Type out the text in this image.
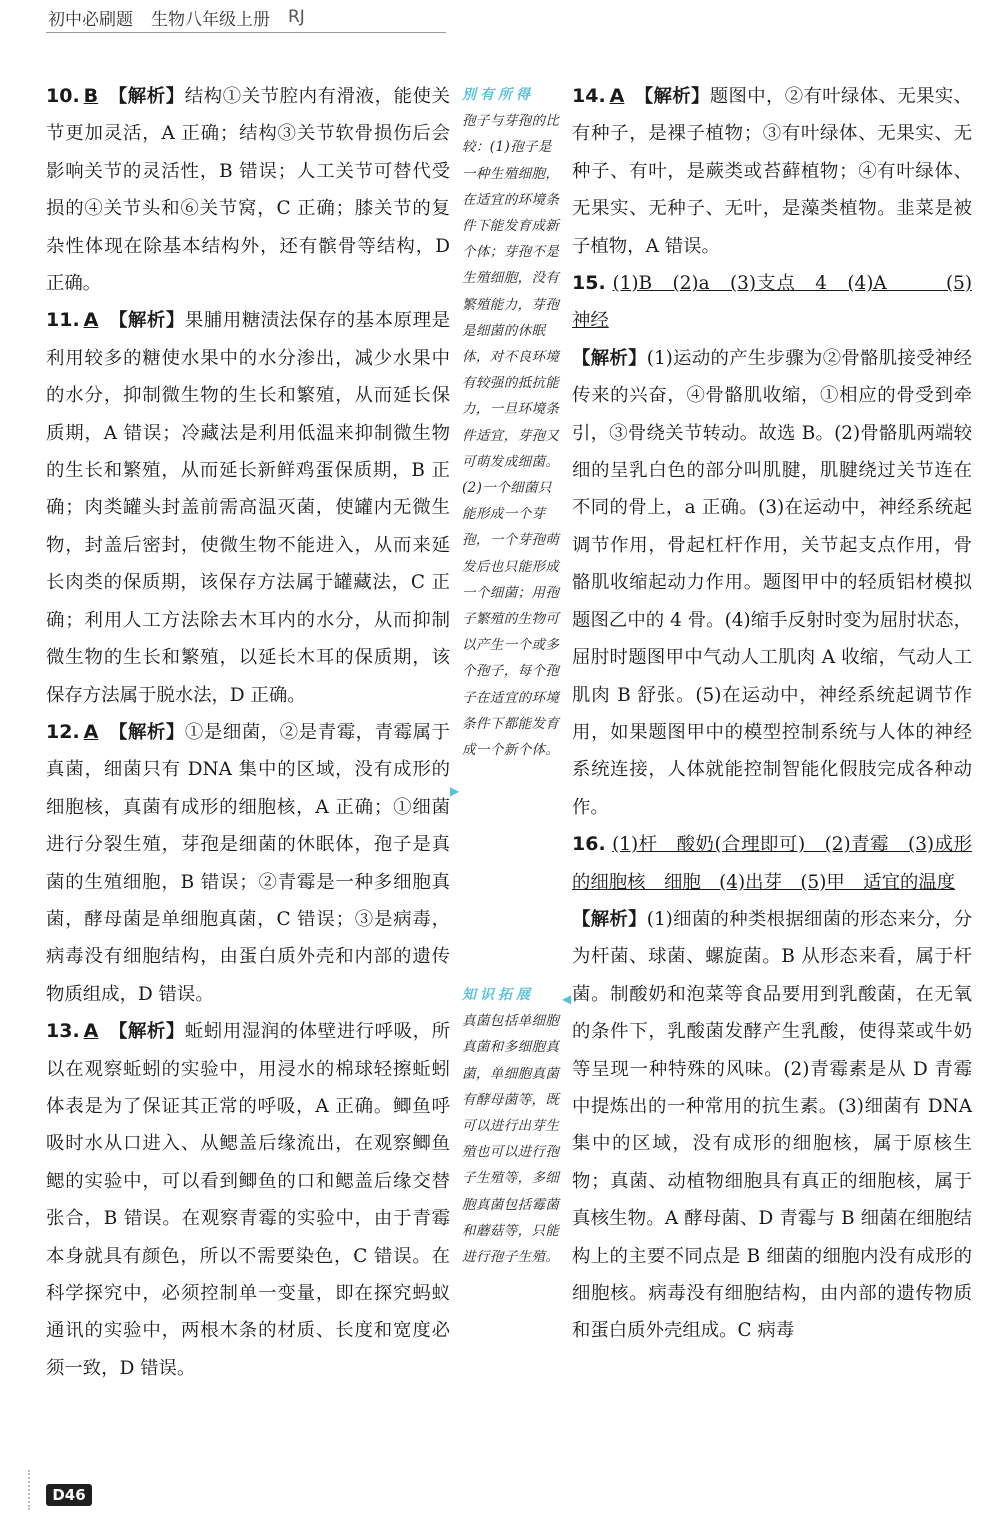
初中必刷题 生物八年级上册 RJ

10. B 【解析】结构①关节腔内有滑液，能使关节更加灵活，A 正确；结构③关节软骨损伤后会影响关节的灵活性，B 错误；人工关节可替代受损的④关节头和⑥关节窝，C 正确；膝关节的复杂性体现在除基本结构外，还有髌骨等结构，D 正确。

11. A 【解析】果脯用糖渍法保存的基本原理是利用较多的糖使水果中的水分渗出，减少水果中的水分，抑制微生物的生长和繁殖，从而延长保质期，A 错误；冷藏法是利用低温来抑制微生物的生长和繁殖，从而延长新鲜鸡蛋保质期，B 正确；肉类罐头封盖前需高温灭菌，使罐内无微生物，封盖后密封，使微生物不能进入，从而来延长肉类的保质期，该保存方法属于罐藏法，C 正确；利用人工方法除去木耳内的水分，从而抑制微生物的生长和繁殖，以延长木耳的保质期，该保存方法属于脱水法，D 正确。

12. A 【解析】①是细菌，②是青霉，青霉属于真菌，细菌只有 DNA 集中的区域，没有成形的细胞核，真菌有成形的细胞核，A 正确；①细菌进行分裂生殖，芽孢是细菌的休眠体，孢子是真菌的生殖细胞，B 错误；②青霉是一种多细胞真菌，酵母菌是单细胞真菌，C 错误；③是病毒，病毒没有细胞结构，由蛋白质外壳和内部的遗传物质组成，D 错误。

13. A 【解析】蚯蚓用湿润的体壁进行呼吸，所以在观察蚯蚓的实验中，用浸水的棉球轻擦蚯蚓体表是为了保证其正常的呼吸，A 正确。鲫鱼呼吸时水从口进入、从鳃盖后缘流出，在观察鲫鱼鳃的实验中，可以看到鲫鱼的口和鳃盖后缘交替张合，B 错误。在观察青霉的实验中，由于青霉本身就具有颜色，所以不需要染色，C 错误。在科学探究中，必须控制单一变量，即在探究蚂蚁通讯的实验中，两根木条的材质、长度和宽度必须一致，D 错误。

別有所得
孢子与芽孢的比较：(1)孢子是一种生殖细胞，在适宜的环境条件下能发育成新个体；芽孢不是生殖细胞，没有繁殖能力，芽孢是细菌的休眠体，对不良环境有较强的抵抗能力，一旦环境条件适宜，芽孢又可萌发成细菌。(2)一个细菌只能形成一个芽孢，一个芽孢萌发后也只能形成一个细菌；用孢子繁殖的生物可以产生一个或多个孢子，每个孢子在适宜的环境条件下都能发育成一个新个体。
▶
知识拓展
真菌包括单细胞真菌和多细胞真菌，单细胞真菌有酵母菌等，既可以进行出芽生殖也可以进行孢子生殖等，多细胞真菌包括霉菌和蘑菇等，只能进行孢子生殖。
◀

14. A 【解析】题图中，②有叶绿体、无果实、有种子，是裸子植物；③有叶绿体、无果实、无种子、有叶，是蕨类或苔藓植物；④有叶绿体、无果实、无种子、无叶，是藻类植物。韭菜是被子植物，A 错误。

15. (1)B　(2)a　(3)支点　4　(4)A　　　(5)神经
【解析】(1)运动的产生步骤为②骨骼肌接受神经传来的兴奋，④骨骼肌收缩，①相应的骨受到牵引，③骨绕关节转动。故选 B。(2)骨骼肌两端较细的呈乳白色的部分叫肌腱，肌腱绕过关节连在不同的骨上，a 正确。(3)在运动中，神经系统起调节作用，骨起杠杆作用，关节起支点作用，骨骼肌收缩起动力作用。题图甲中的轻质铝材模拟题图乙中的 4 骨。(4)缩手反射时变为屈肘状态，屈肘时题图甲中气动人工肌肉 A 收缩，气动人工肌肉 B 舒张。(5)在运动中，神经系统起调节作用，如果题图甲中的模型控制系统与人体的神经系统连接，人体就能控制智能化假肢完成各种动作。

16. (1)杆　酸奶(合理即可)　(2)青霉　(3)成形的细胞核　细胞　(4)出芽　(5)甲　适宜的温度
【解析】(1)细菌的种类根据细菌的形态来分，分为杆菌、球菌、螺旋菌。B 从形态来看，属于杆菌。制酸奶和泡菜等食品要用到乳酸菌，在无氧的条件下，乳酸菌发酵产生乳酸，使得菜或牛奶等呈现一种特殊的风味。(2)青霉素是从 D 青霉中提炼出的一种常用的抗生素。(3)细菌有 DNA 集中的区域，没有成形的细胞核，属于原核生物；真菌、动植物细胞具有真正的细胞核，属于真核生物。A 酵母菌、D 青霉与 B 细菌在细胞结构上的主要不同点是 B 细菌的细胞内没有成形的细胞核。病毒没有细胞结构，由内部的遗传物质和蛋白质外壳组成。C 病毒

D46
